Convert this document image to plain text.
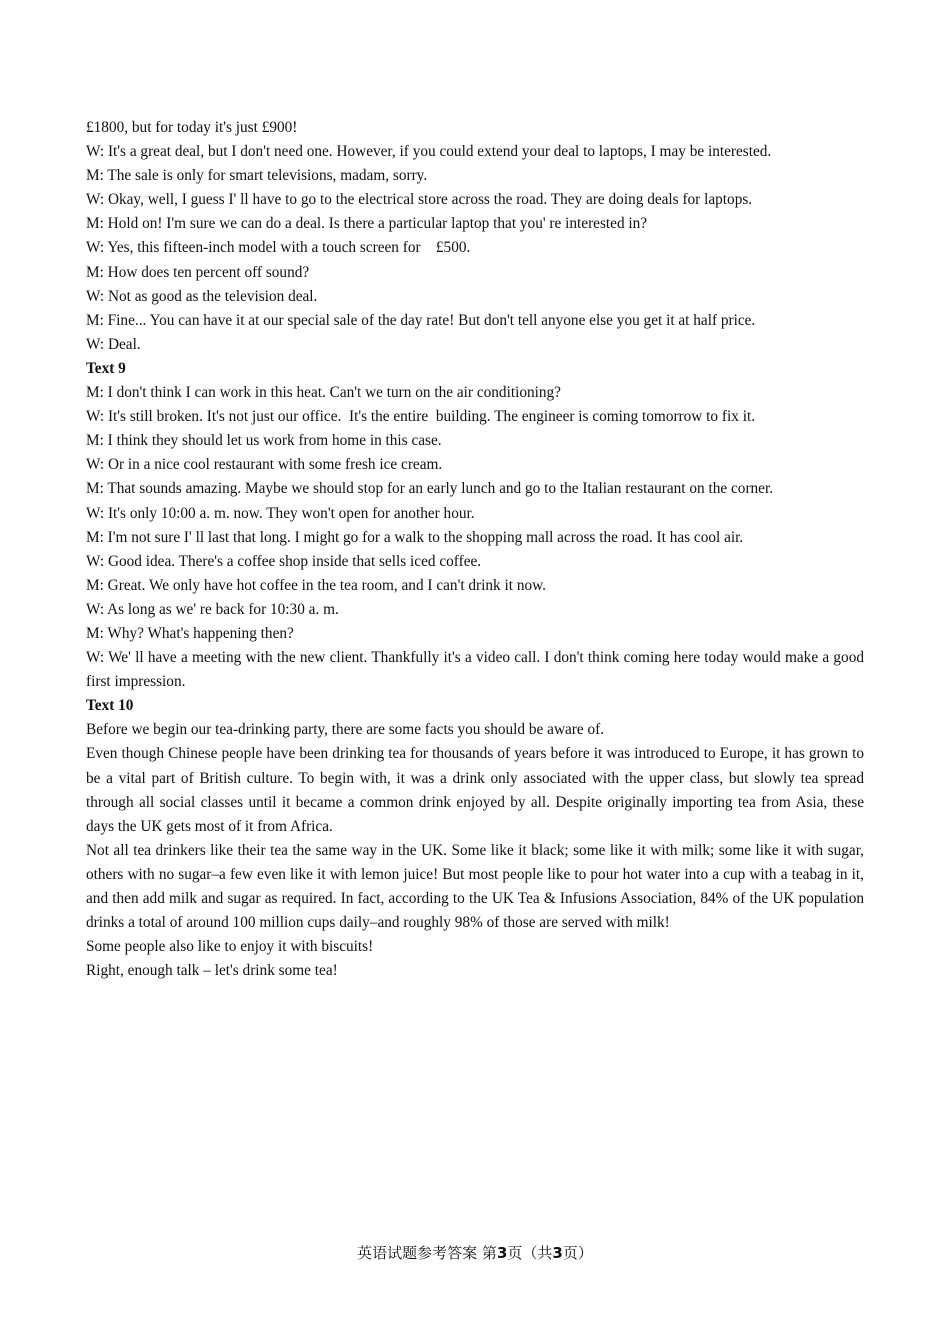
£1800, but for today it's just £900!
W: It's a great deal, but I don't need one. However, if you could extend your deal to laptops, I may be interested.
M: The sale is only for smart televisions, madam, sorry.
W: Okay, well, I guess I' ll have to go to the electrical store across the road. They are doing deals for laptops.
M: Hold on! I'm sure we can do a deal. Is there a particular laptop that you' re interested in?
W: Yes, this fifteen-inch model with a touch screen for    £500.
M: How does ten percent off sound?
W: Not as good as the television deal.
M: Fine... You can have it at our special sale of the day rate! But don't tell anyone else you get it at half price.
W: Deal.
Text 9
M: I don't think I can work in this heat. Can't we turn on the air conditioning?
W: It's still broken. It's not just our office.  It's the entire  building. The engineer is coming tomorrow to fix it.
M: I think they should let us work from home in this case.
W: Or in a nice cool restaurant with some fresh ice cream.
M: That sounds amazing. Maybe we should stop for an early lunch and go to the Italian restaurant on the corner.
W: It's only 10:00 a. m. now. They won't open for another hour.
M: I'm not sure I' ll last that long. I might go for a walk to the shopping mall across the road. It has cool air.
W: Good idea. There's a coffee shop inside that sells iced coffee.
M: Great. We only have hot coffee in the tea room, and I can't drink it now.
W: As long as we' re back for 10:30 a. m.
M: Why? What's happening then?
W: We' ll have a meeting with the new client. Thankfully it's a video call. I don't think coming here today would make a good first impression.
Text 10
Before we begin our tea-drinking party, there are some facts you should be aware of.
Even though Chinese people have been drinking tea for thousands of years before it was introduced to Europe, it has grown to be a vital part of British culture. To begin with, it was a drink only associated with the upper class, but slowly tea spread through all social classes until it became a common drink enjoyed by all. Despite originally importing tea from Asia, these days the UK gets most of it from Africa.
Not all tea drinkers like their tea the same way in the UK. Some like it black; some like it with milk; some like it with sugar, others with no sugar–a few even like it with lemon juice! But most people like to pour hot water into a cup with a teabag in it, and then add milk and sugar as required. In fact, according to the UK Tea & Infusions Association, 84% of the UK population drinks a total of around 100 million cups daily–and roughly 98% of those are served with milk!
Some people also like to enjoy it with biscuits!
Right, enough talk – let's drink some tea!
英语试题参考答案 第3页（共3页）
